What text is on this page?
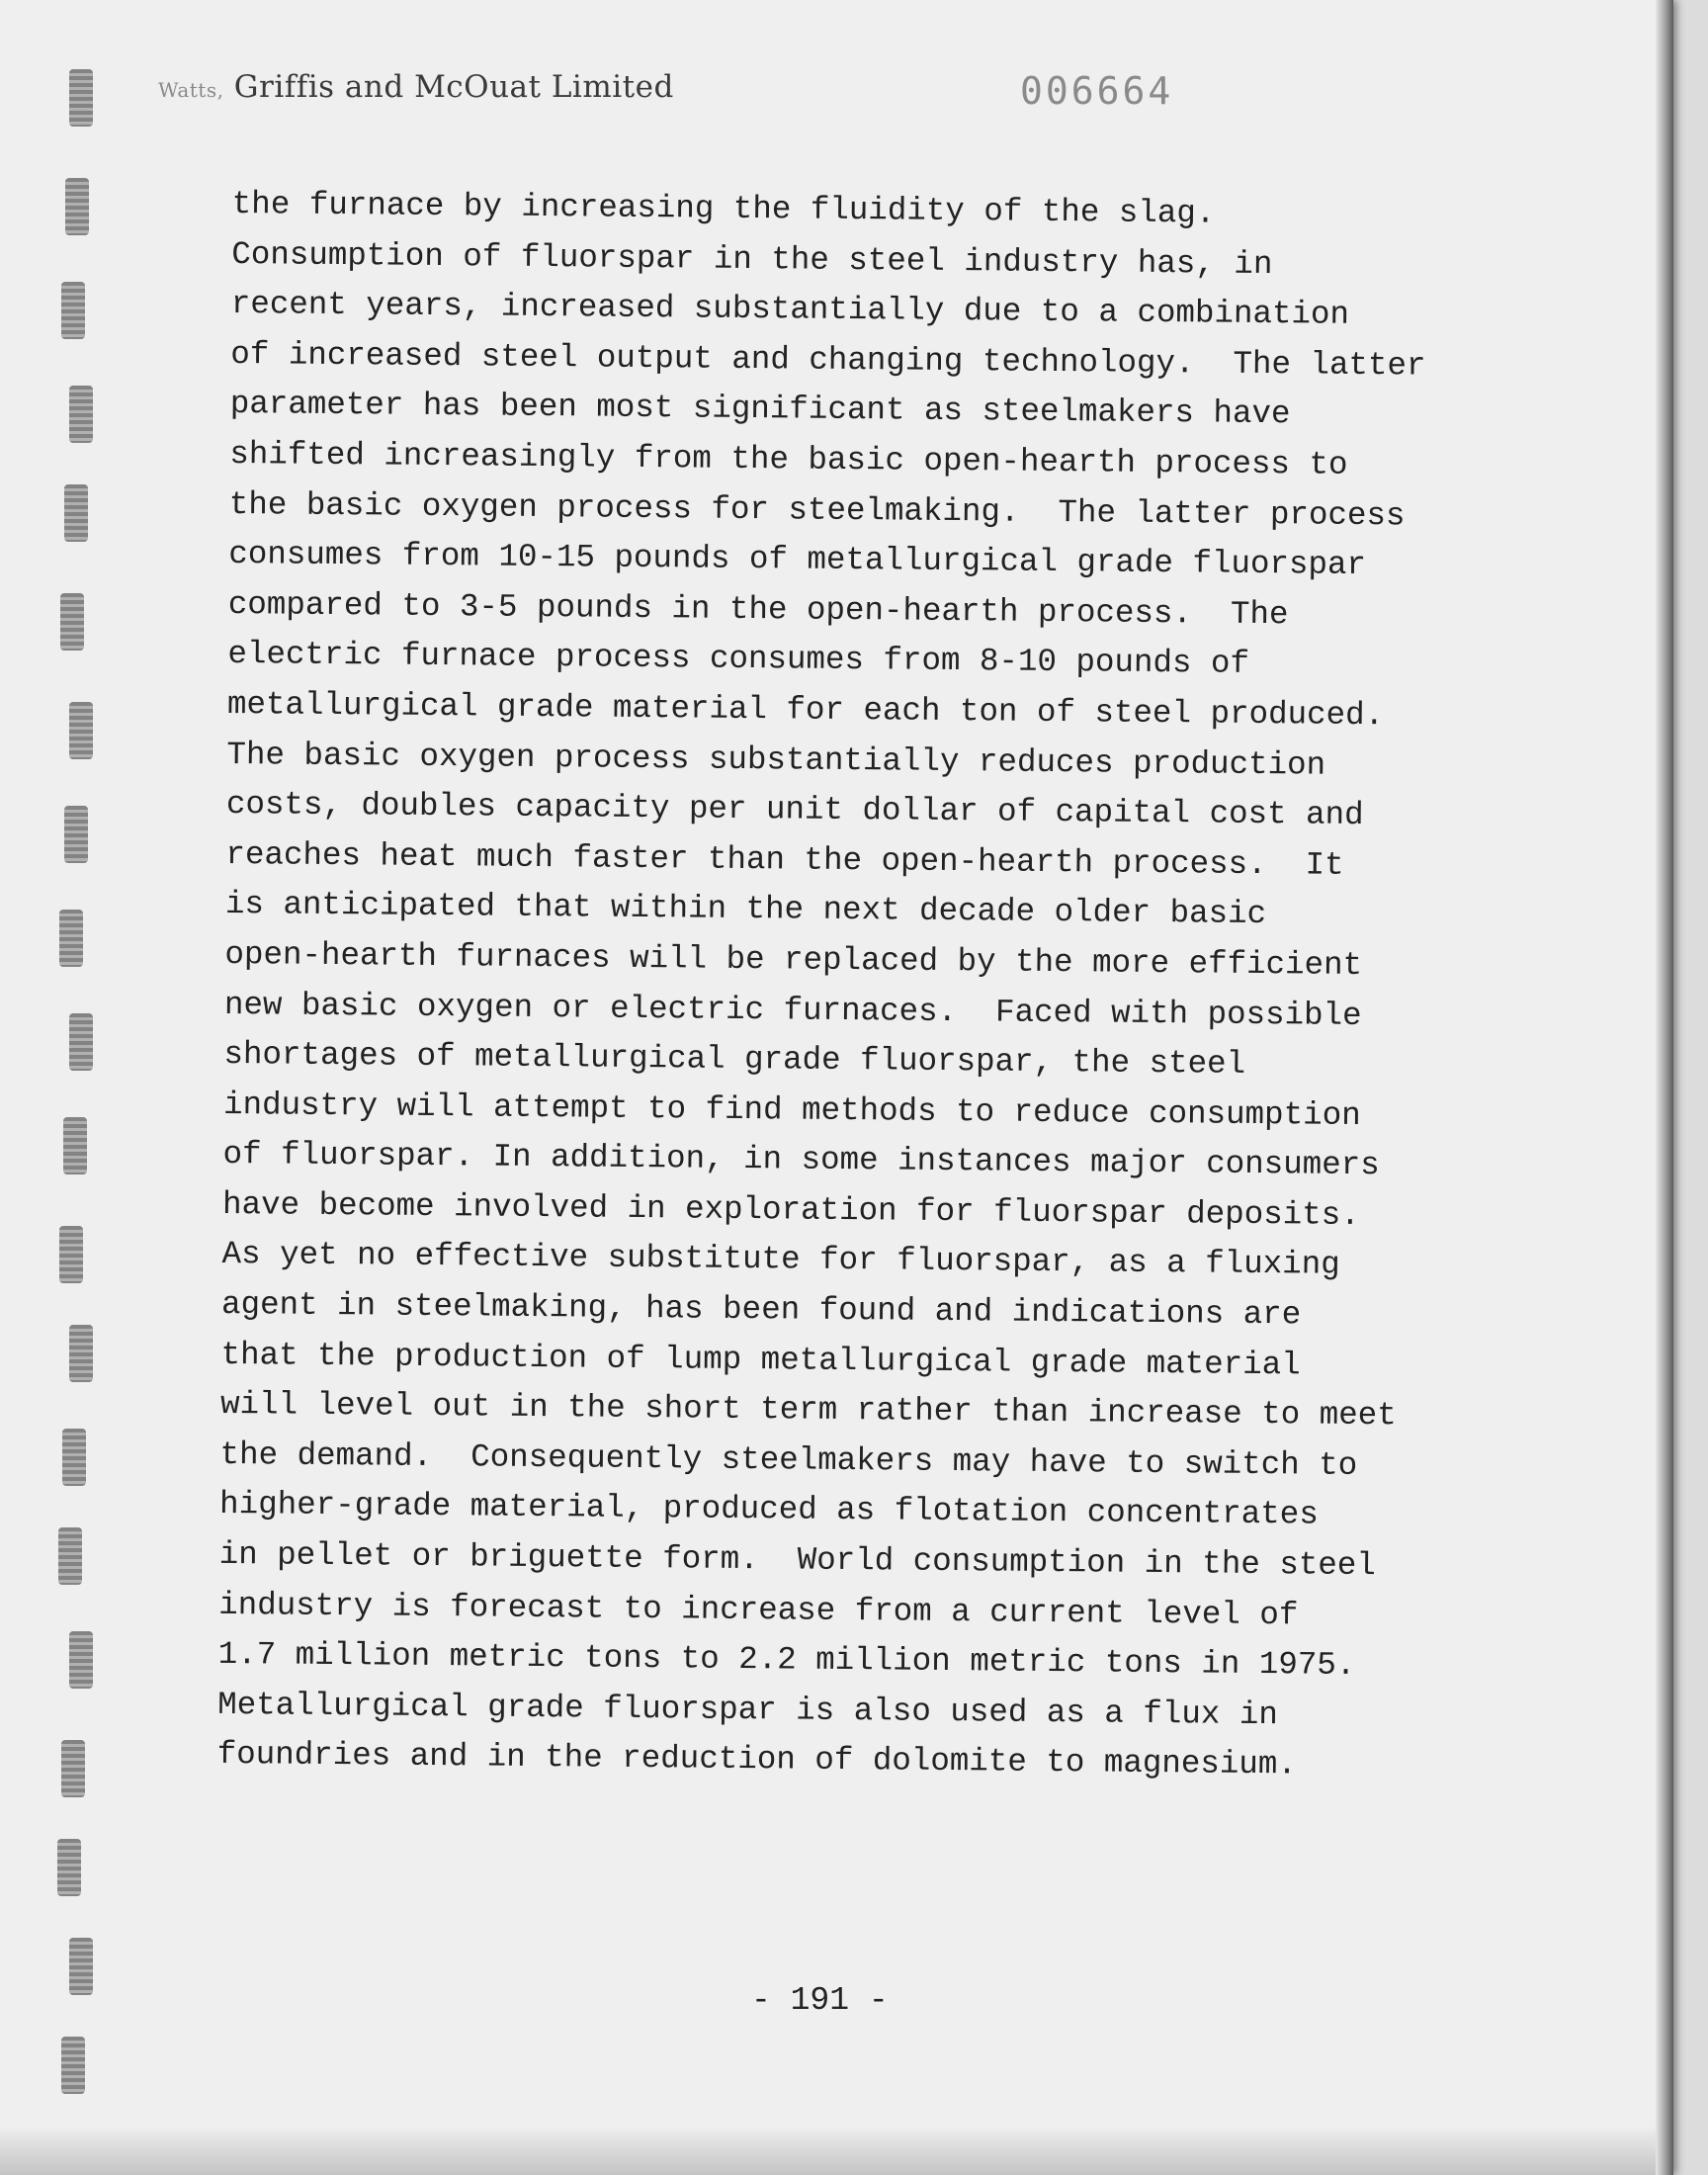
Watts, Griffis and McOuat Limited	006664
the furnace by increasing the fluidity of the slag.
Consumption of fluorspar in the steel industry has, in
recent years, increased substantially due to a combination
of increased steel output and changing technology.  The latter
parameter has been most significant as steelmakers have
shifted increasingly from the basic open-hearth process to
the basic oxygen process for steelmaking.  The latter process
consumes from 10-15 pounds of metallurgical grade fluorspar
compared to 3-5 pounds in the open-hearth process.  The
electric furnace process consumes from 8-10 pounds of
metallurgical grade material for each ton of steel produced.
The basic oxygen process substantially reduces production
costs, doubles capacity per unit dollar of capital cost and
reaches heat much faster than the open-hearth process.  It
is anticipated that within the next decade older basic
open-hearth furnaces will be replaced by the more efficient
new basic oxygen or electric furnaces.  Faced with possible
shortages of metallurgical grade fluorspar, the steel
industry will attempt to find methods to reduce consumption
of fluorspar. In addition, in some instances major consumers
have become involved in exploration for fluorspar deposits.
As yet no effective substitute for fluorspar, as a fluxing
agent in steelmaking, has been found and indications are
that the production of lump metallurgical grade material
will level out in the short term rather than increase to meet
the demand.  Consequently steelmakers may have to switch to
higher-grade material, produced as flotation concentrates
in pellet or briguette form.  World consumption in the steel
industry is forecast to increase from a current level of
1.7 million metric tons to 2.2 million metric tons in 1975.
Metallurgical grade fluorspar is also used as a flux in
foundries and in the reduction of dolomite to magnesium.
- 191 -
